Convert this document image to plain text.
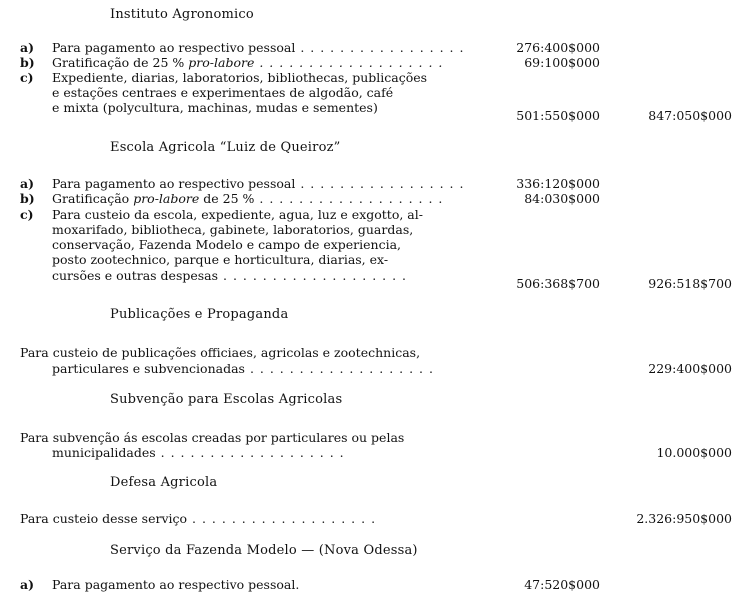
Instituto Agronomico
a) Para pagamento ao respectivo pessoal . .	276:400$000
b) Gratificação de 25 % pro-labore . .	69:100$000
c) Expediente, diarias, laboratorios, bibliothecas, publicações
e estações centraes e experimentaes de algodão, café
e mixta (polycultura, machinas, mudas e sementes)
501:550$000	847:050$000
Escola Agricola “Luiz de Queiroz”
a) Para pagamento ao respectivo pessoal . .	336:120$000
b) Gratificação pro-labore de 25 % . .	84:030$000
c) Para custeio da escola, expediente, agua, luz e exgotto, al-
moxarifado, bibliotheca, gabinete, laboratorios, guardas,
conservação, Fazenda Modelo e campo de experiencia,
posto zootechnico, parque e horticultura, diarias, ex-
cursões e outras despesas . .
506:368$700	926:518$700
Publicações e Propaganda
Para custeio de publicações officiaes, agricolas e zootechnicas,
particulares e subvencionadas . .	229:400$000
Subvenção para Escolas Agricolas
Para subvenção ás escolas creadas por particulares ou pelas
municipalidades . .	10.000$000
Defesa Agricola
Para custeio desse serviço . .	2.326:950$000
Serviço da Fazenda Modelo — (Nova Odessa)
a) Para pagamento ao respectivo pessoal.	47:520$000
